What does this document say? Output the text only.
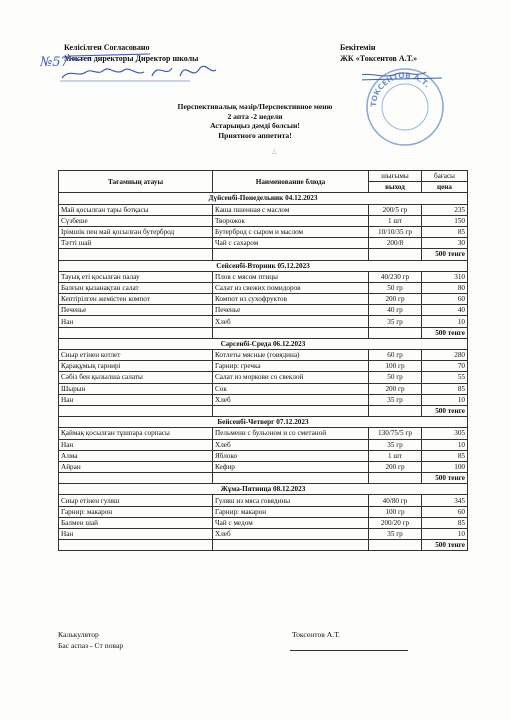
Келісілген Согласовано
Мектеп директоры Директор школы
№57
Бекітемін
ЖК «Токсентов А.Т.»
ТОКСЕНТОВ А.Т.
Перспективалық мәзір/Перспективное меню
2 апта -2 недели
Астарыңыз дәмді болсын!
Приятного аппетита!
△
Тағамның атауы	Наименование блюда	шығымы	бағасы
		выход	цена
Дүйсенбі-Понедельник 04.12.2023			
Май қосылған тары ботқасы	Каша пшенная с маслом	200/5 гр	235
Сүзбеше	Творожок	1 шт	150
Ірімшік пен май қосылған бутерброд	Бутерброд с сыром и маслом	10/10/35 гр	85
Тәтті шай	Чай с сахаром	200/8	30
			500 тенге
Сейсенбі-Вторник 05.12.2023			
Тауық еті қосылған палау	Плов с мясом птицы	40/230 гр	310
Балғын қызанақтан салат	Салат из свежих помидоров	50 гр	80
Кептірілген жемістен компот	Компот из сухофруктов	200 гр	60
Печенье	Печенье	40 гр	40
Нан	Хлеб	35 гр	10
			500 тенге
Сәрсенбі-Среда 06.12.2023			
Сиыр етінен котлет	Котлеты мясные (говядина)	60 гр	280
Қарақұмық гарнирі	Гарнир: гречка	100 гр	70
Сәбіз бен қызылша салаты	Салат из моркови со свеклой	50 гр	55
Шырын	Сок	200 гр	85
Нан	Хлеб	35 гр	10
			500 тенге
Бейсенбі-Четверг 07.12.2023			
Қаймақ қосылған тұшпара сорпасы	Пельмени с бульоном и со сметаной	130/75/5 гр	305
Нан	Хлеб	35 гр	10
Алма	Яблоко	1 шт	85
Айран	Кефир	200 гр	100
			500 тенге
Жұма-Пятница 08.12.2023			
Сиыр етінен гуляш	Гуляш из мяса говядины	40/80 гр	345
Гарнир: макарон	Гарнир: макарон	100 гр	60
Балмен шай	Чай с медом	200/20 гр	85
Нан	Хлеб	35 гр	10
			500 тенге
Калькулятор
Бас аспаз - Ст повар
Токсентов А.Т.
